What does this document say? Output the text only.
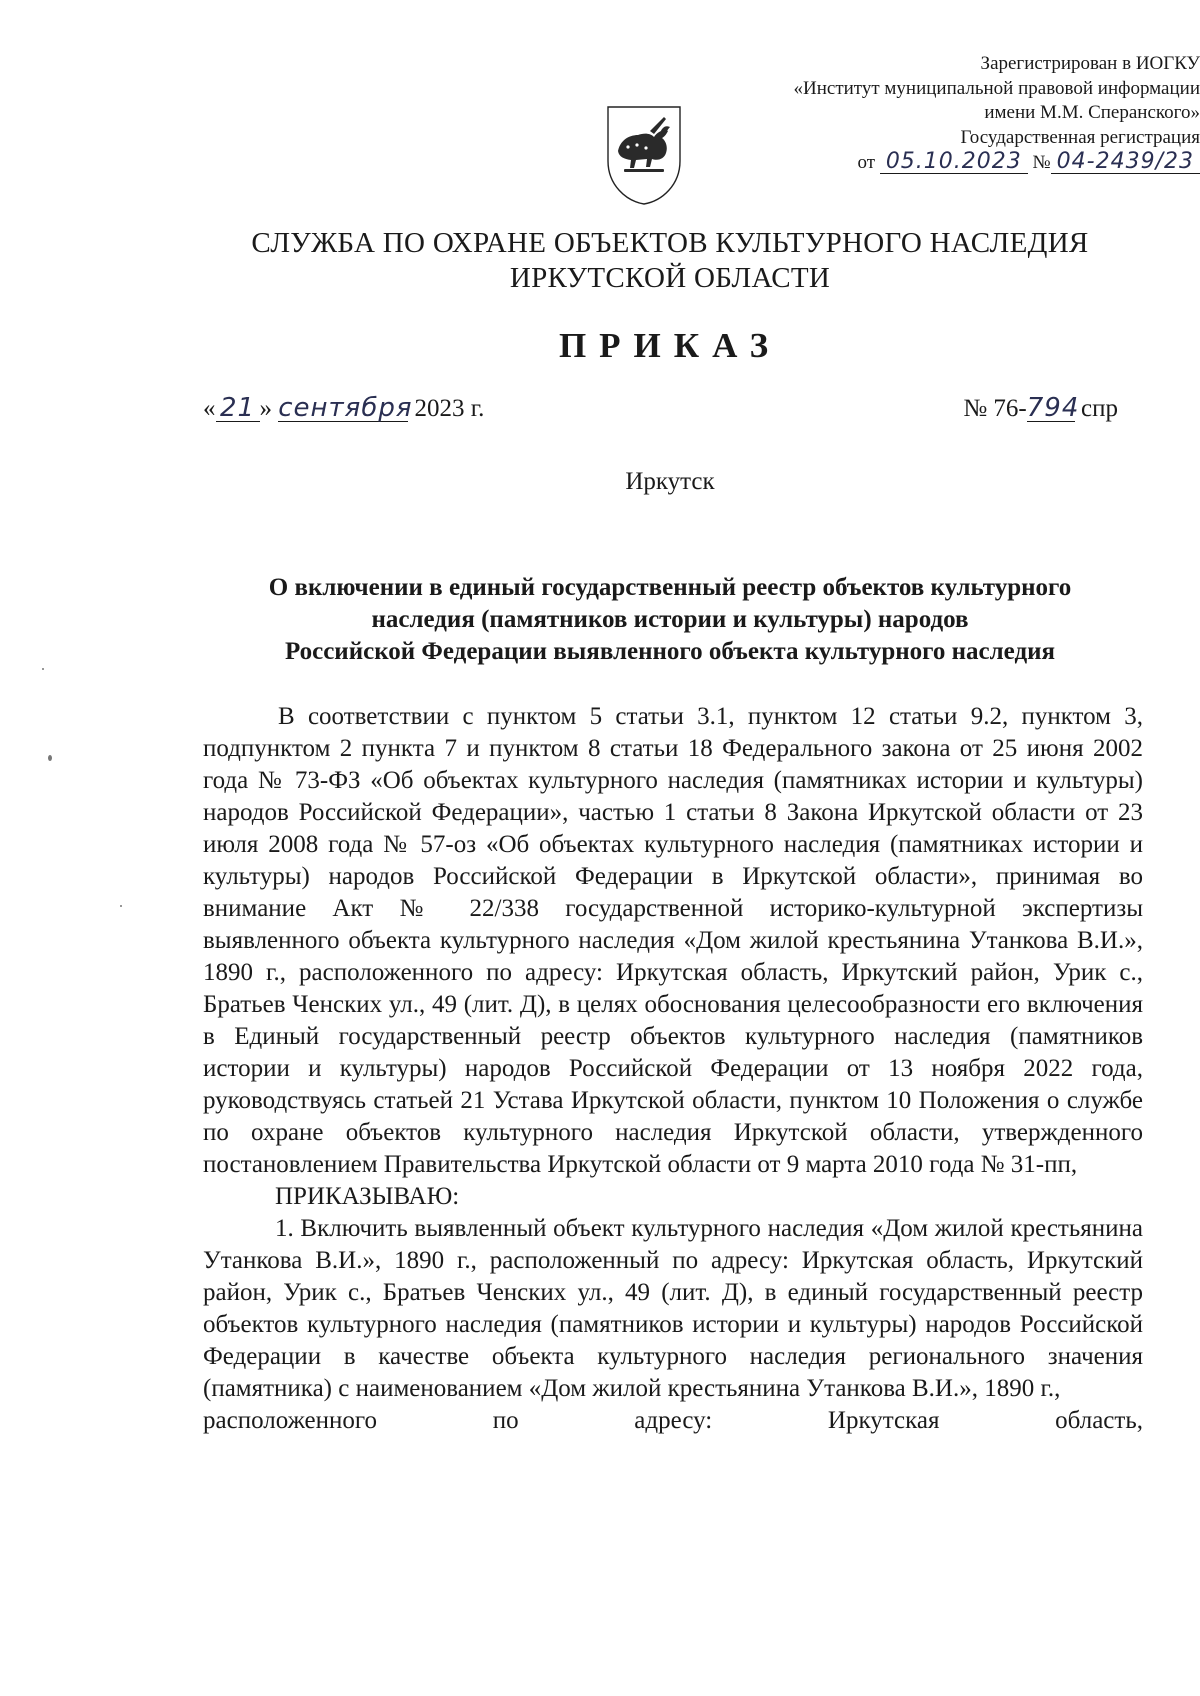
Зарегистрирован в ИОГКУ
«Институт муниципальной правовой информации
имени М.М. Сперанского»
Государственная регистрация
от 05.10.2023 № 04-2439/23
СЛУЖБА ПО ОХРАНЕ ОБЪЕКТОВ КУЛЬТУРНОГО НАСЛЕДИЯ
ИРКУТСКОЙ ОБЛАСТИ
ПРИКАЗ
« 21 » сентября 2023 г.	№ 76-794 спр
Иркутск
О включении в единый государственный реестр объектов культурного
наследия (памятников истории и культуры) народов
Российской Федерации выявленного объекта культурного наследия

В соответствии с пунктом 5 статьи 3.1, пунктом 12 статьи 9.2, пунктом 3, подпунктом 2 пункта 7 и пунктом 8 статьи 18 Федерального закона от 25 июня 2002 года № 73-ФЗ «Об объектах культурного наследия (памятниках истории и культуры) народов Российской Федерации», частью 1 статьи 8 Закона Иркутской области от 23 июля 2008 года № 57-оз «Об объектах культурного наследия (памятниках истории и культуры) народов Российской Федерации в Иркутской области», принимая во внимание Акт № 22/338 государственной историко-культурной экспертизы выявленного объекта культурного наследия «Дом жилой крестьянина Утанкова В.И.», 1890 г., расположенного по адресу: Иркутская область, Иркутский район, Урик с., Братьев Ченских ул., 49 (лит. Д), в целях обоснования целесообразности его включения в Единый государственный реестр объектов культурного наследия (памятников истории и культуры) народов Российской Федерации от 13 ноября 2022 года, руководствуясь статьей 21 Устава Иркутской области, пунктом 10 Положения о службе по охране объектов культурного наследия Иркутской области, утвержденного постановлением Правительства Иркутской области от 9 марта 2010 года № 31-пп,

ПРИКАЗЫВАЮ:

1. Включить выявленный объект культурного наследия «Дом жилой крестьянина Утанкова В.И.», 1890 г., расположенный по адресу: Иркутская область, Иркутский район, Урик с., Братьев Ченских ул., 49 (лит. Д), в единый государственный реестр объектов культурного наследия (памятников истории и культуры) народов Российской Федерации в качестве объекта культурного наследия регионального значения (памятника) с наименованием «Дом жилой крестьянина Утанкова В.И.», 1890 г.,

расположенного	по	адресу:	Иркутская	область,
